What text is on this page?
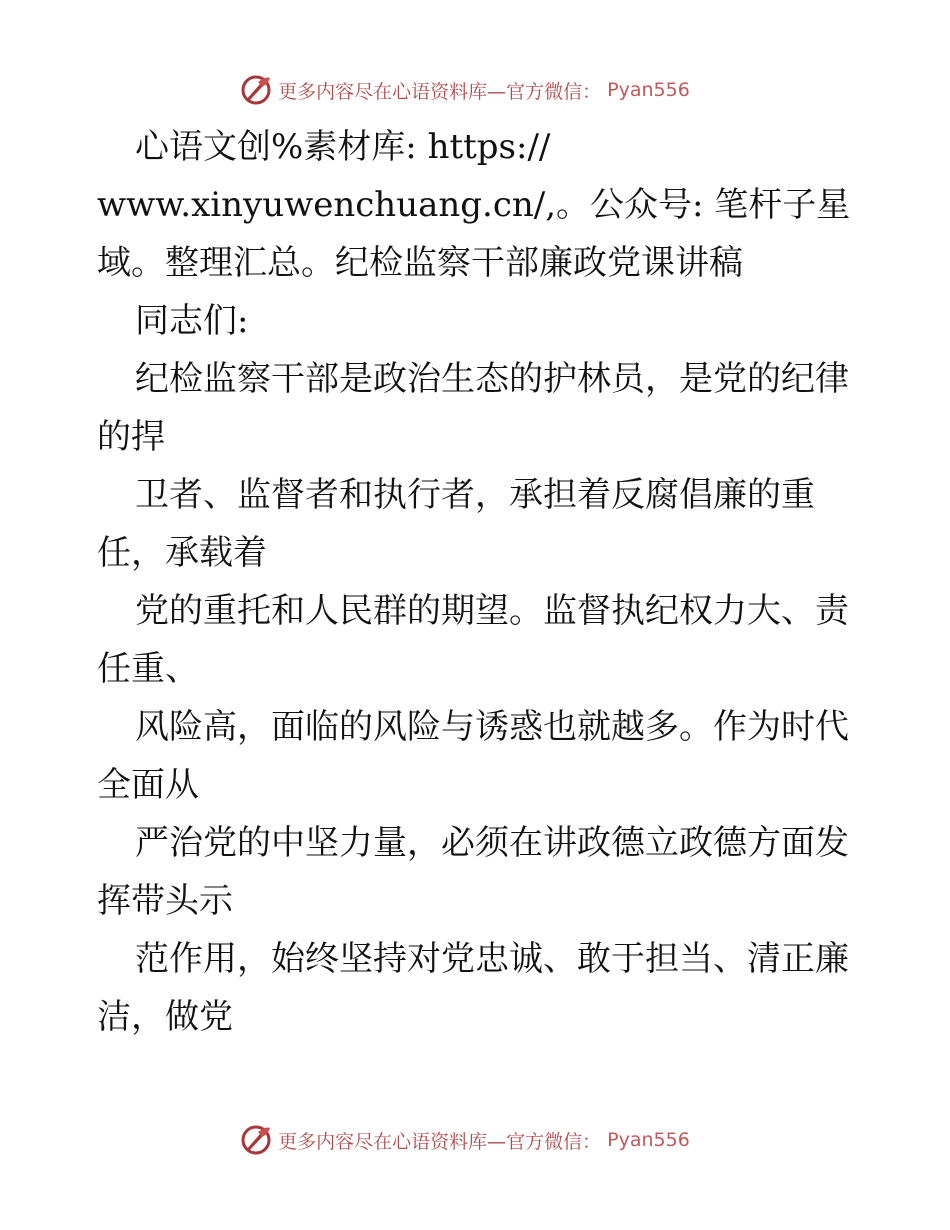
更多内容尽在心语资料库—官方微信： Pyan556
心语文创%素材库: https://
www.xinyuwenchuang.cn/,。公众号: 笔杆子星
域。整理汇总。纪检监察干部廉政党课讲稿
同志们:
纪检监察干部是政治生态的护林员，是党的纪律
的捍
卫者、监督者和执行者，承担着反腐倡廉的重
任，承载着
党的重托和人民群的期望。监督执纪权力大、责
任重、
风险高，面临的风险与诱惑也就越多。作为时代
全面从
严治党的中坚力量，必须在讲政德立政德方面发
挥带头示
范作用，始终坚持对党忠诚、敢于担当、清正廉
洁，做党
更多内容尽在心语资料库—官方微信： Pyan556
